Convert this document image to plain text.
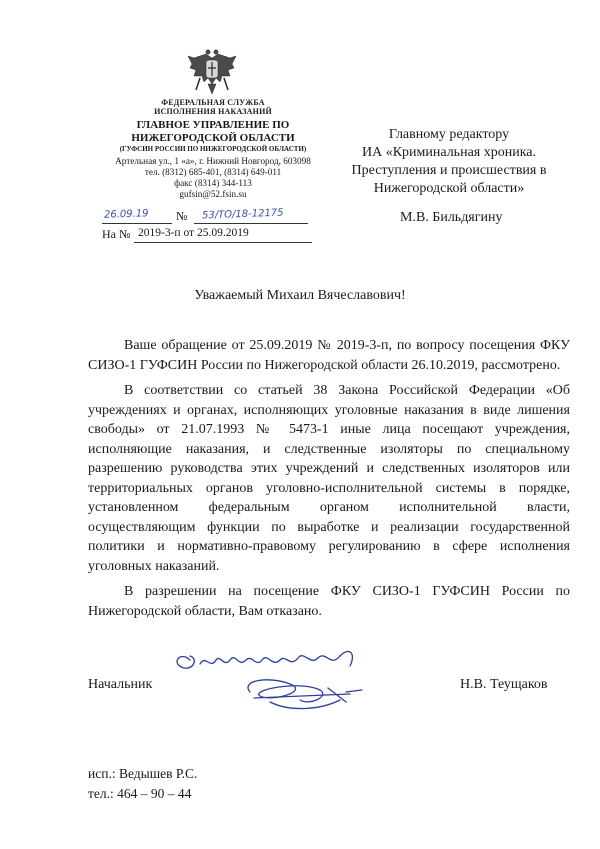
ФЕДЕРАЛЬНАЯ СЛУЖБА
ИСПОЛНЕНИЯ НАКАЗАНИЙ
ГЛАВНОЕ УПРАВЛЕНИЕ ПО
НИЖЕГОРОДСКОЙ ОБЛАСТИ
(ГУФСИН РОССИИ ПО НИЖЕГОРОДСКОЙ ОБЛАСТИ)
Артельная ул., 1 «а», г. Нижний Новгород, 603098
тел. (8312) 685-401, (8314) 649-011
факс (8314) 344-113
gufsin@52.fsin.su
26.09.19 № 53/ТО/18-12175
На № 2019-3-п от 25.09.2019
Главному редактору
ИА «Криминальная хроника.
Преступления и происшествия в
Нижегородской области»
М.В. Бильдягину
Уважаемый Михаил Вячеславович!

Ваше обращение от 25.09.2019 № 2019-3-п, по вопросу посещения ФКУ СИЗО-1 ГУФСИН России по Нижегородской области 26.10.2019, рассмотрено.

В соответствии со статьей 38 Закона Российской Федерации «Об учреждениях и органах, исполняющих уголовные наказания в виде лишения свободы» от 21.07.1993 № 5473-1 иные лица посещают учреждения, исполняющие наказания, и следственные изоляторы по специальному разрешению руководства этих учреждений и следственных изоляторов или территориальных органов уголовно-исполнительной системы в порядке, установленном федеральным органом исполнительной власти, осуществляющим функции по выработке и реализации государственной политики и нормативно-правовому регулированию в сфере исполнения уголовных наказаний.

В разрешении на посещение ФКУ СИЗО-1 ГУФСИН России по Нижегородской области, Вам отказано.

Начальник	Н.В. Теущаков
исп.: Ведышев Р.С.
тел.: 464 – 90 – 44
